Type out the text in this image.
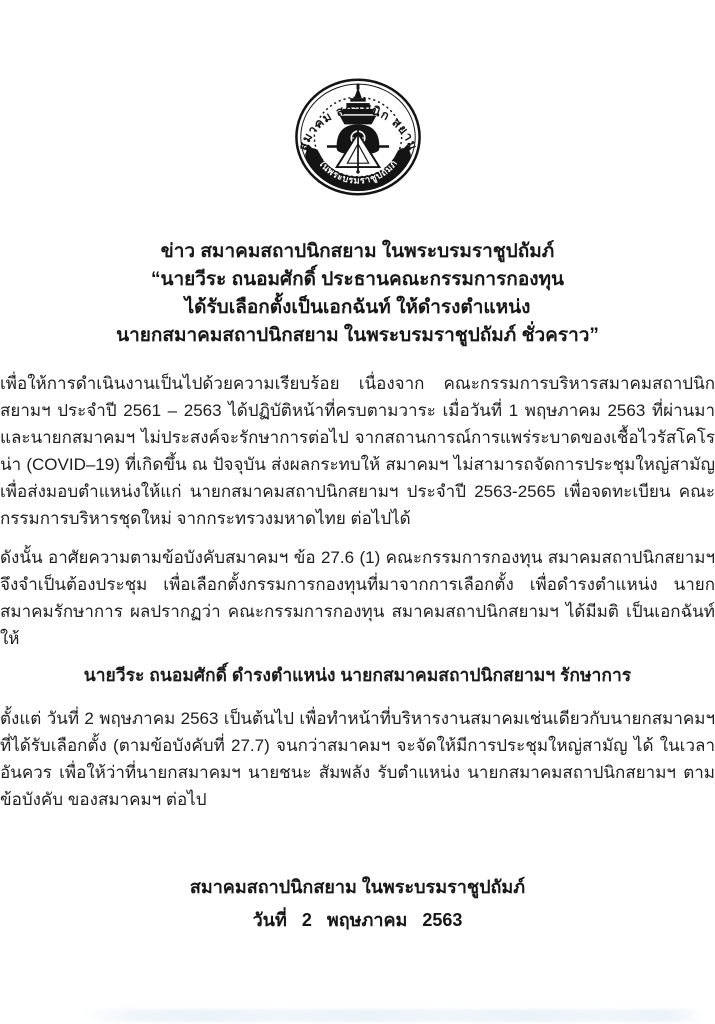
สมาคม สถาปนิก สยาม
ในพระบรมราชูปถัมภ์
ข่าว สมาคมสถาปนิกสยาม ในพระบรมราชูปถัมภ์
“นายวีระ ถนอมศักดิ์ ประธานคณะกรรมการกองทุน
ได้รับเลือกตั้งเป็นเอกฉันท์ ให้ดำรงตำแหน่ง
นายกสมาคมสถาปนิกสยาม ในพระบรมราชูปถัมภ์ ชั่วคราว”

เพื่อให้การดำเนินงานเป็นไปด้วยความเรียบร้อย เนื่องจาก คณะกรรมการบริหารสมาคมสถาปนิกสยามฯ ประจำปี 2561 – 2563 ได้ปฏิบัติหน้าที่ครบตามวาระ เมื่อวันที่ 1 พฤษภาคม 2563 ที่ผ่านมา และนายกสมาคมฯ ไม่ประสงค์จะรักษาการต่อไป จากสถานการณ์การแพร่ระบาดของเชื้อไวรัสโคโรน่า (COVID–19) ที่เกิดขึ้น ณ ปัจจุบัน ส่งผลกระทบให้ สมาคมฯ ไม่สามารถจัดการประชุมใหญ่สามัญ เพื่อส่งมอบตำแหน่งให้แก่ นายกสมาคมสถาปนิกสยามฯ ประจำปี 2563-2565 เพื่อจดทะเบียน คณะกรรมการบริหารชุดใหม่ จากกระทรวงมหาดไทย ต่อไปได้

ดังนั้น อาศัยความตามข้อบังคับสมาคมฯ ข้อ 27.6 (1) คณะกรรมการกองทุน สมาคมสถาปนิกสยามฯ จึงจำเป็นต้องประชุม เพื่อเลือกตั้งกรรมการกองทุนที่มาจากการเลือกตั้ง เพื่อดำรงตำแหน่ง นายกสมาคมรักษาการ ผลปรากฏว่า คณะกรรมการกองทุน สมาคมสถาปนิกสยามฯ ได้มีมติ เป็นเอกฉันท์ให้

นายวีระ ถนอมศักดิ์ ดำรงตำแหน่ง นายกสมาคมสถาปนิกสยามฯ รักษาการ

ตั้งแต่ วันที่ 2 พฤษภาคม 2563 เป็นต้นไป เพื่อทำหน้าที่บริหารงานสมาคมเช่นเดียวกับนายกสมาคมฯ ที่ได้รับเลือกตั้ง (ตามข้อบังคับที่ 27.7) จนกว่าสมาคมฯ จะจัดให้มีการประชุมใหญ่สามัญ ได้ ในเวลาอันควร เพื่อให้ว่าที่นายกสมาคมฯ นายชนะ สัมพลัง รับตำแหน่ง นายกสมาคมสถาปนิกสยามฯ ตามข้อบังคับ ของสมาคมฯ ต่อไป

สมาคมสถาปนิกสยาม ในพระบรมราชูปถัมภ์
วันที่ 2 พฤษภาคม 2563
